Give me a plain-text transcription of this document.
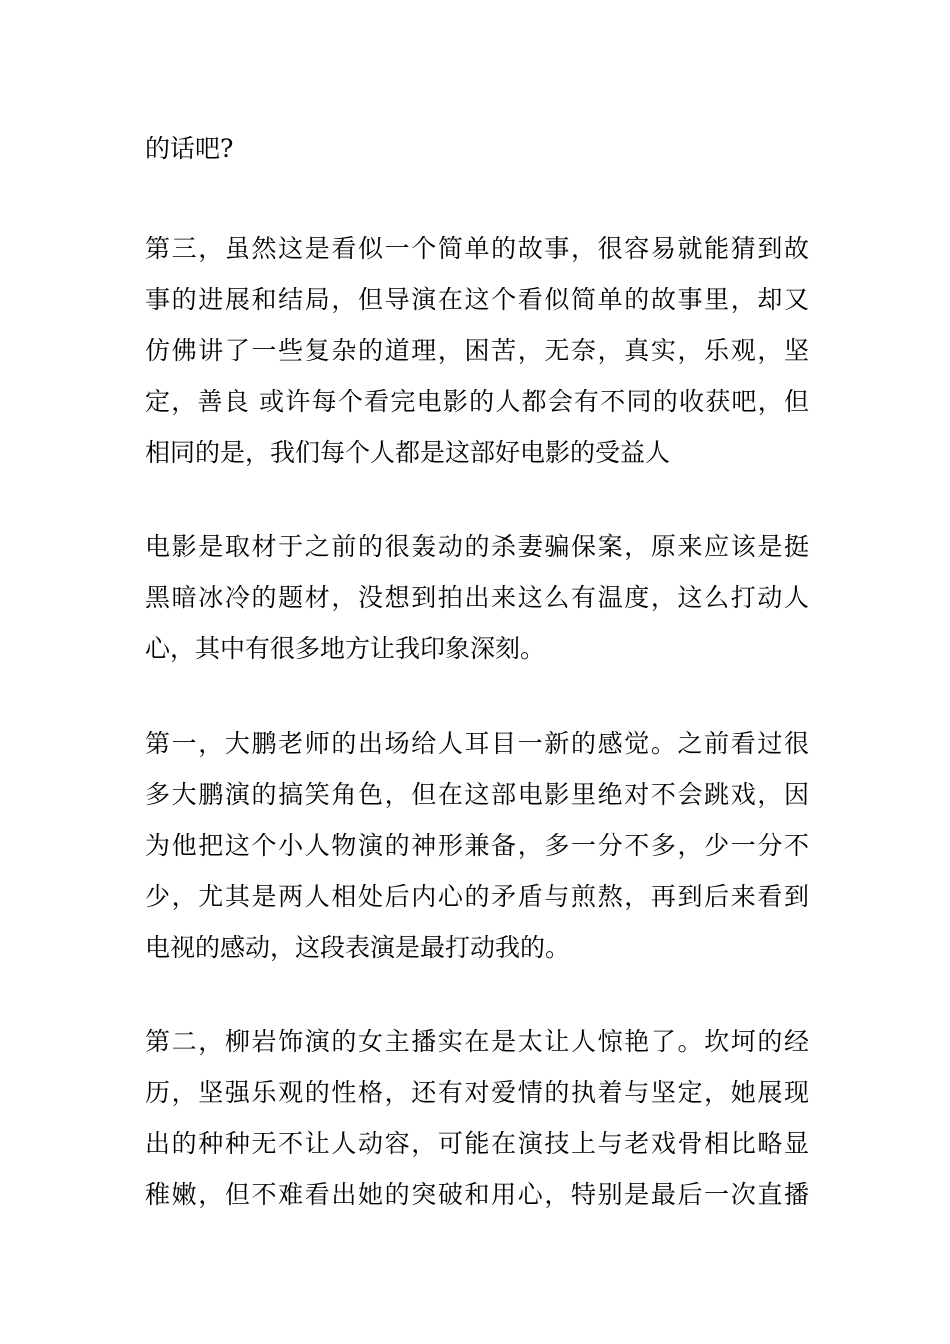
的话吧?

第三，虽然这是看似一个简单的故事，很容易就能猜到故

事的进展和结局，但导演在这个看似简单的故事里，却又

仿佛讲了一些复杂的道理，困苦，无奈，真实，乐观，坚

定，善良 或许每个看完电影的人都会有不同的收获吧，但

相同的是，我们每个人都是这部好电影的受益人

电影是取材于之前的很轰动的杀妻骗保案，原来应该是挺

黑暗冰冷的题材，没想到拍出来这么有温度，这么打动人

心，其中有很多地方让我印象深刻。

第一，大鹏老师的出场给人耳目一新的感觉。之前看过很

多大鹏演的搞笑角色，但在这部电影里绝对不会跳戏，因

为他把这个小人物演的神形兼备，多一分不多，少一分不

少，尤其是两人相处后内心的矛盾与煎熬，再到后来看到

电视的感动，这段表演是最打动我的。

第二，柳岩饰演的女主播实在是太让人惊艳了。坎坷的经

历，坚强乐观的性格，还有对爱情的执着与坚定，她展现

出的种种无不让人动容，可能在演技上与老戏骨相比略显

稚嫩，但不难看出她的突破和用心，特别是最后一次直播
